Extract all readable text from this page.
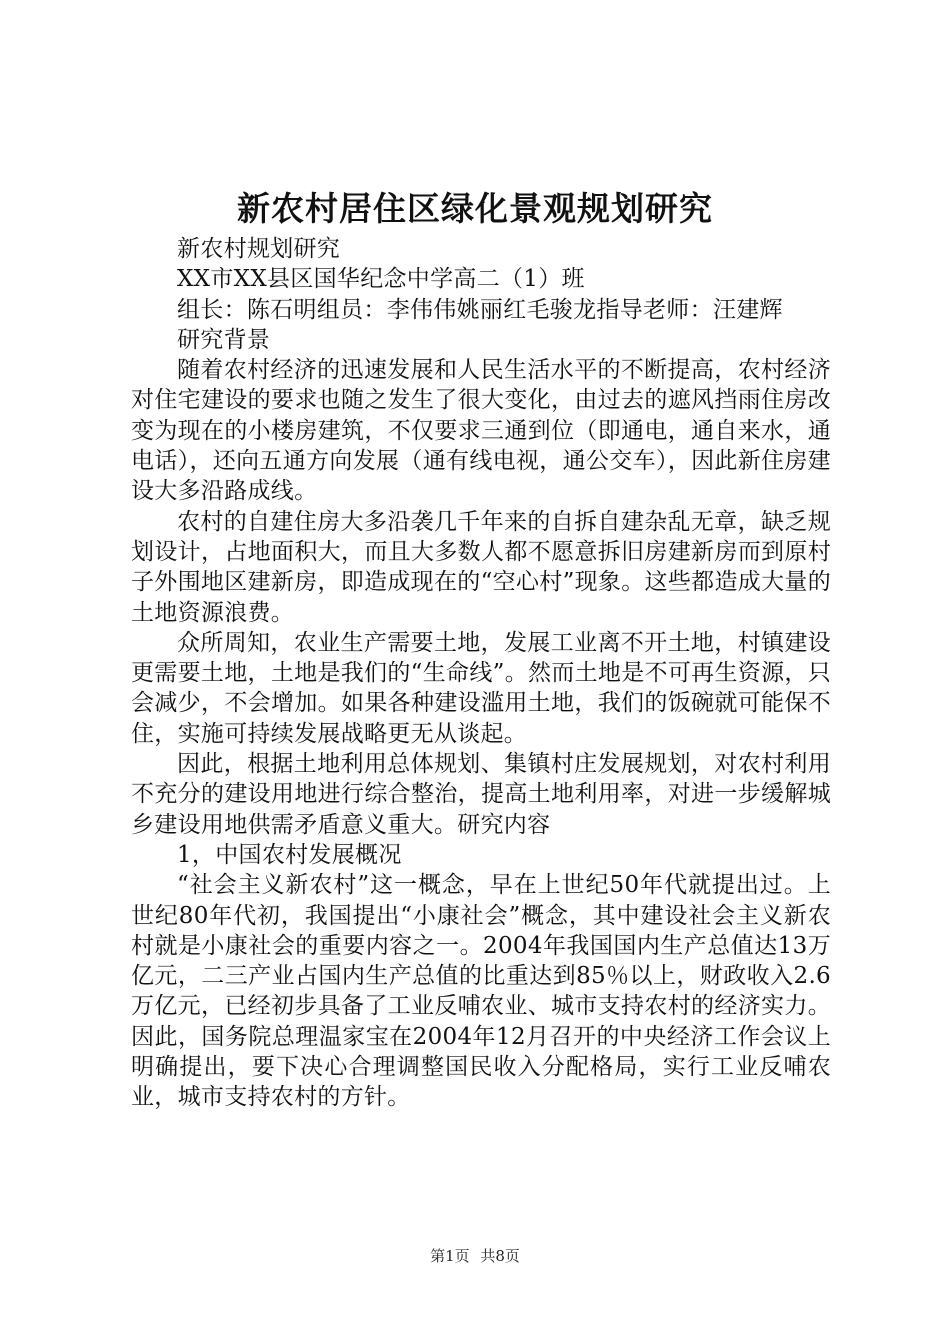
新农村居住区绿化景观规划研究

新农村规划研究

XX市XX县区国华纪念中学高二（1）班

组长：陈石明组员：李伟伟姚丽红毛骏龙指导老师：汪建辉

研究背景

随着农村经济的迅速发展和人民生活水平的不断提高，农村经济对住宅建设的要求也随之发生了很大变化，由过去的遮风挡雨住房改变为现在的小楼房建筑，不仅要求三通到位（即通电，通自来水，通电话），还向五通方向发展（通有线电视，通公交车），因此新住房建设大多沿路成线。

农村的自建住房大多沿袭几千年来的自拆自建杂乱无章，缺乏规划设计，占地面积大，而且大多数人都不愿意拆旧房建新房而到原村子外围地区建新房，即造成现在的“空心村”现象。这些都造成大量的土地资源浪费。

众所周知，农业生产需要土地，发展工业离不开土地，村镇建设更需要土地，土地是我们的“生命线”。然而土地是不可再生资源，只会减少，不会增加。如果各种建设滥用土地，我们的饭碗就可能保不住，实施可持续发展战略更无从谈起。

因此，根据土地利用总体规划、集镇村庄发展规划，对农村利用不充分的建设用地进行综合整治，提高土地利用率，对进一步缓解城乡建设用地供需矛盾意义重大。研究内容

1，中国农村发展概况

“社会主义新农村”这一概念，早在上世纪50年代就提出过。上世纪80年代初，我国提出“小康社会”概念，其中建设社会主义新农村就是小康社会的重要内容之一。2004年我国国内生产总值达13万亿元，二三产业占国内生产总值的比重达到85％以上，财政收入2.6万亿元，已经初步具备了工业反哺农业、城市支持农村的经济实力。因此，国务院总理温家宝在2004年12月召开的中央经济工作会议上明确提出，要下决心合理调整国民收入分配格局，实行工业反哺农业，城市支持农村的方针。

第1页 共8页
